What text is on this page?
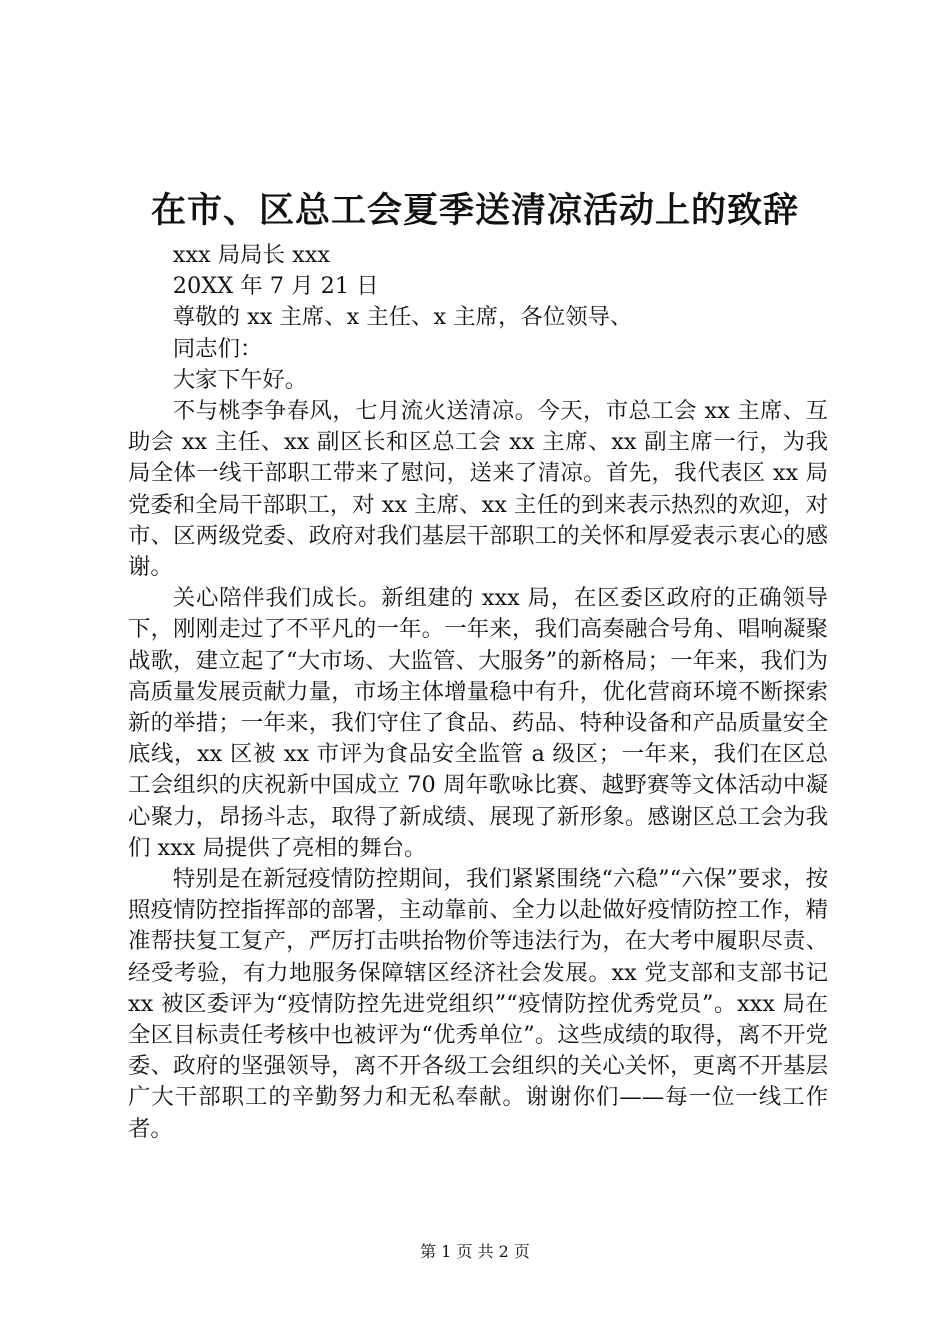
在市、区总工会夏季送清凉活动上的致辞

xxx 局局长 xxx

20XX 年 7 月 21 日

尊敬的 xx 主席、x 主任、x 主席，各位领导、

同志们：

大家下午好。

不与桃李争春风，七月流火送清凉。今天，市总工会 xx 主席、互助会 xx 主任、xx 副区长和区总工会 xx 主席、xx 副主席一行，为我局全体一线干部职工带来了慰问，送来了清凉。首先，我代表区 xx 局党委和全局干部职工，对 xx 主席、xx 主任的到来表示热烈的欢迎，对市、区两级党委、政府对我们基层干部职工的关怀和厚爱表示衷心的感谢。

关心陪伴我们成长。新组建的 xxx 局，在区委区政府的正确领导下，刚刚走过了不平凡的一年。一年来，我们高奏融合号角、唱响凝聚战歌，建立起了“大市场、大监管、大服务”的新格局；一年来，我们为高质量发展贡献力量，市场主体增量稳中有升，优化营商环境不断探索新的举措；一年来，我们守住了食品、药品、特种设备和产品质量安全底线，xx 区被 xx 市评为食品安全监管 a 级区；一年来，我们在区总工会组织的庆祝新中国成立 70 周年歌咏比赛、越野赛等文体活动中凝心聚力，昂扬斗志，取得了新成绩、展现了新形象。感谢区总工会为我们 xxx 局提供了亮相的舞台。

特别是在新冠疫情防控期间，我们紧紧围绕“六稳”“六保”要求，按照疫情防控指挥部的部署，主动靠前、全力以赴做好疫情防控工作，精准帮扶复工复产，严厉打击哄抬物价等违法行为，在大考中履职尽责、经受考验，有力地服务保障辖区经济社会发展。xx 党支部和支部书记 xx 被区委评为“疫情防控先进党组织”“疫情防控优秀党员”。xxx 局在全区目标责任考核中也被评为“优秀单位”。这些成绩的取得，离不开党委、政府的坚强领导，离不开各级工会组织的关心关怀，更离不开基层广大干部职工的辛勤努力和无私奉献。谢谢你们——每一位一线工作者。

第 1 页 共 2 页
